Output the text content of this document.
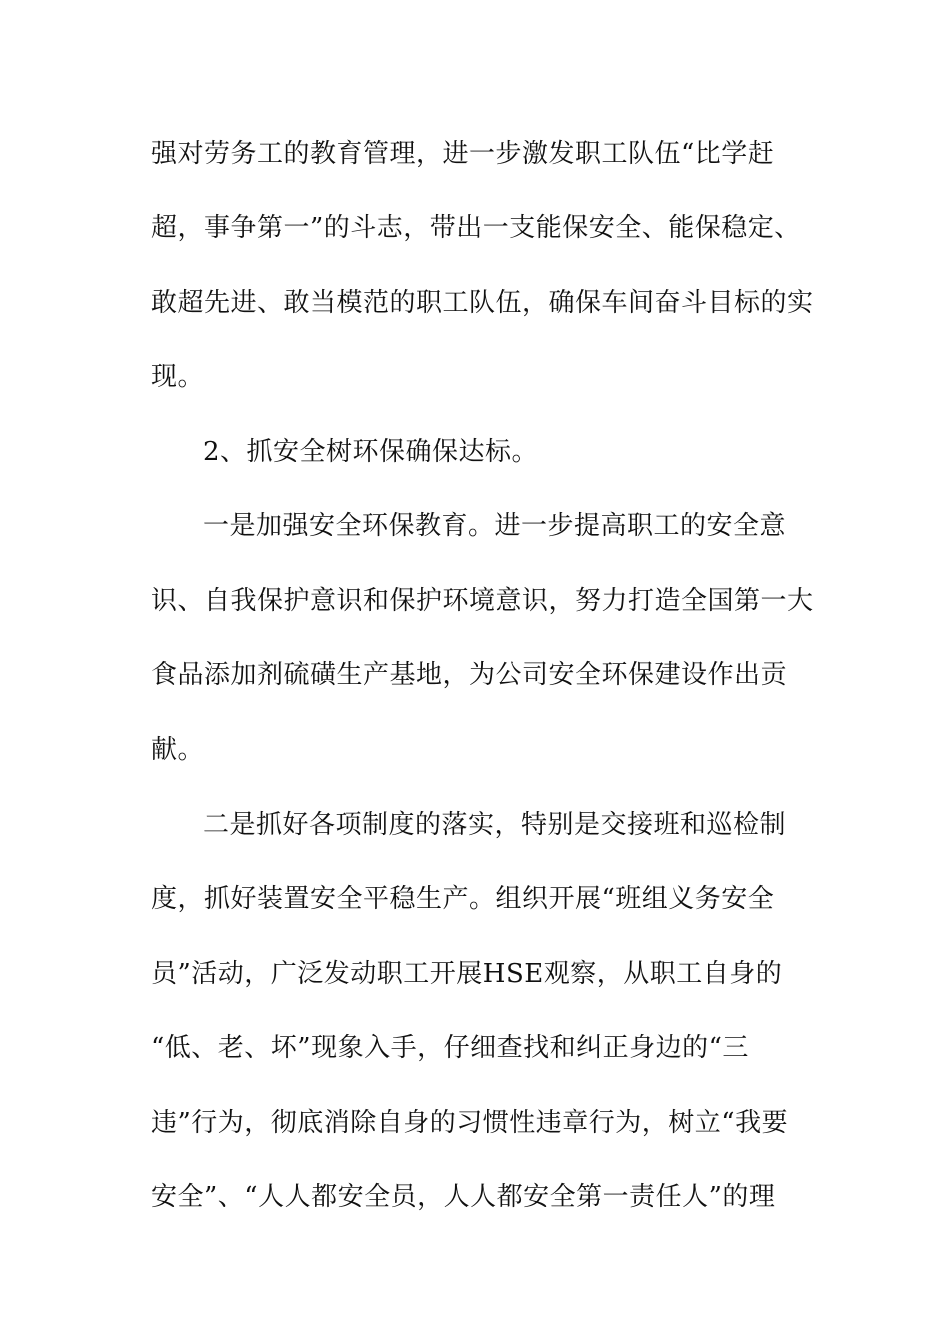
强对劳务工的教育管理，进一步激发职工队伍“比学赶
超，事争第一”的斗志，带出一支能保安全、能保稳定、
敢超先进、敢当模范的职工队伍，确保车间奋斗目标的实
现。
2、抓安全树环保确保达标。
一是加强安全环保教育。进一步提高职工的安全意
识、自我保护意识和保护环境意识，努力打造全国第一大
食品添加剂硫磺生产基地，为公司安全环保建设作出贡
献。
二是抓好各项制度的落实，特别是交接班和巡检制
度，抓好装置安全平稳生产。组织开展“班组义务安全
员”活动，广泛发动职工开展HSE观察，从职工自身的
“低、老、坏”现象入手，仔细查找和纠正身边的“三
违”行为，彻底消除自身的习惯性违章行为，树立“我要
安全”、“人人都安全员，人人都安全第一责任人”的理
